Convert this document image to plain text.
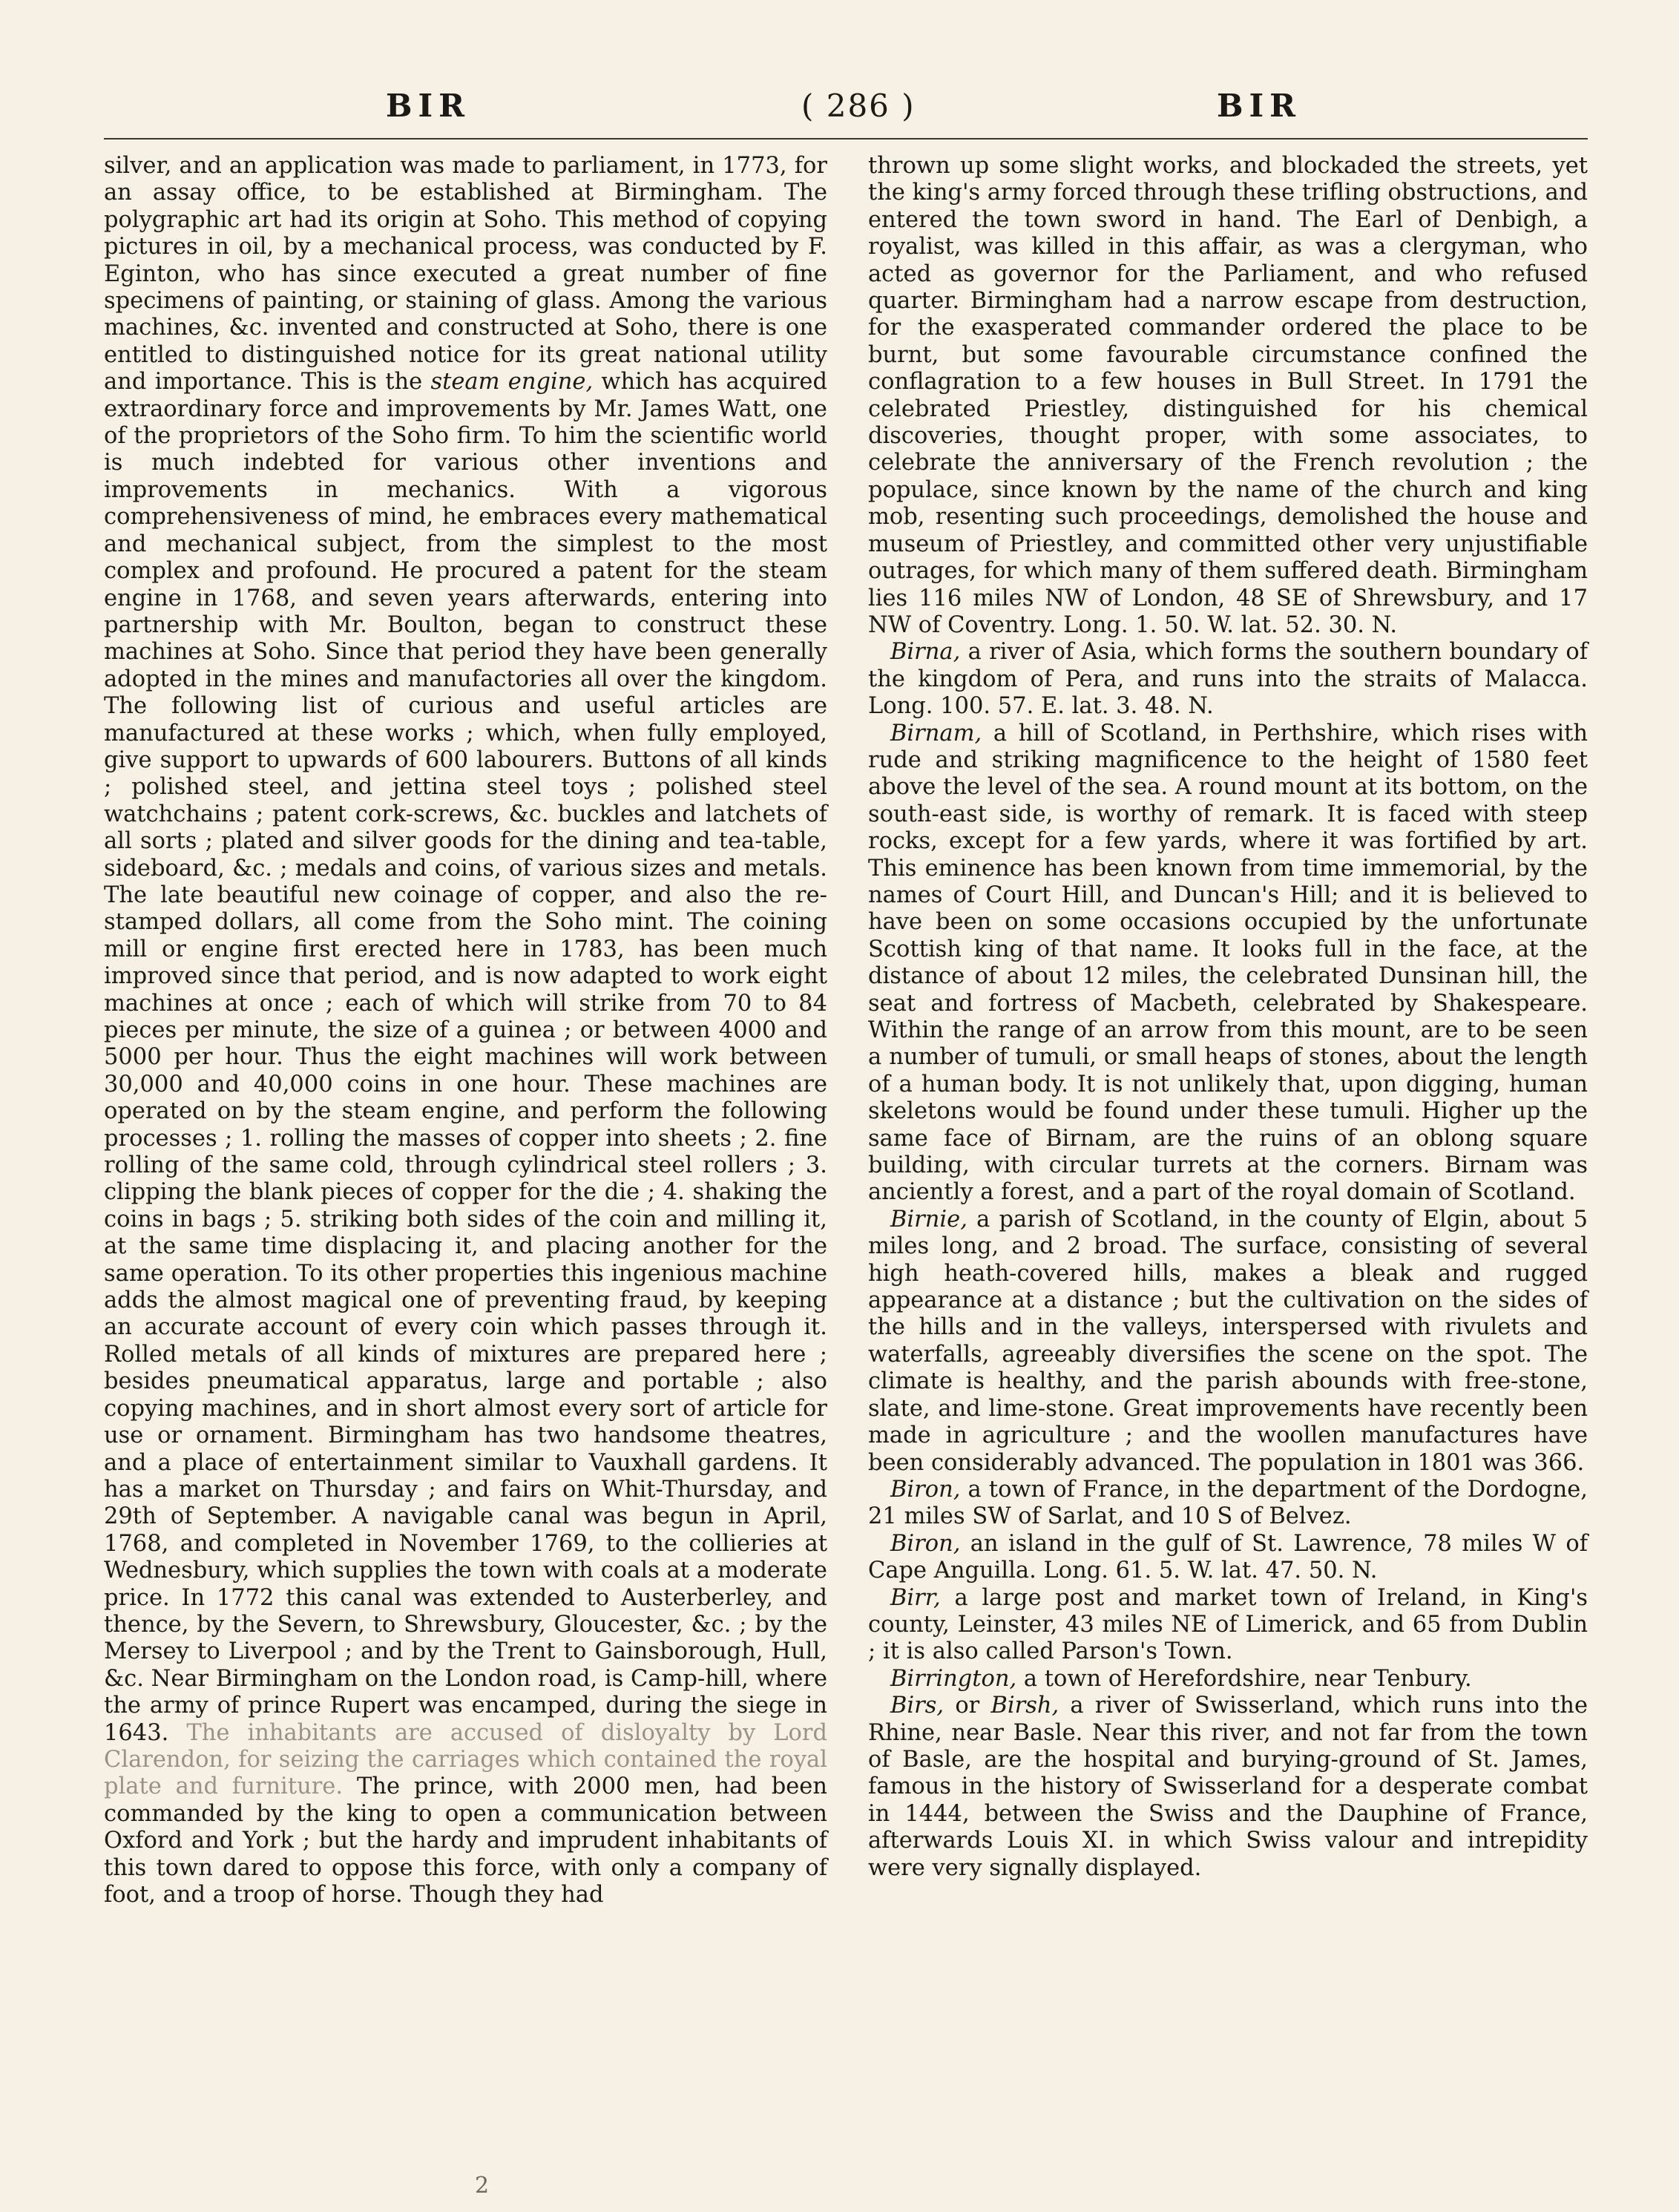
BIR	( 286 )	BIR

silver, and an application was made to parliament, in 1773, for an assay office, to be established at Birmingham. The polygraphic art had its origin at Soho. This method of copying pictures in oil, by a mechanical process, was conducted by F. Eginton, who has since executed a great number of fine specimens of painting, or staining of glass. Among the various machines, &c. invented and constructed at Soho, there is one entitled to distinguished notice for its great national utility and importance. This is the steam engine, which has acquired extraordinary force and improvements by Mr. James Watt, one of the proprietors of the Soho firm. To him the scientific world is much indebted for various other inventions and improvements in mechanics. With a vigorous comprehensiveness of mind, he embraces every mathematical and mechanical subject, from the simplest to the most complex and profound. He procured a patent for the steam engine in 1768, and seven years afterwards, entering into partnership with Mr. Boulton, began to construct these machines at Soho. Since that period they have been generally adopted in the mines and manufactories all over the kingdom. The following list of curious and useful articles are manufactured at these works ; which, when fully employed, give support to upwards of 600 labourers. Buttons of all kinds ; polished steel, and jettina steel toys ; polished steel watchchains ; patent cork-screws, &c. buckles and latchets of all sorts ; plated and silver goods for the dining and tea-table, sideboard, &c. ; medals and coins, of various sizes and metals. The late beautiful new coinage of copper, and also the re-stamped dollars, all come from the Soho mint. The coining mill or engine first erected here in 1783, has been much improved since that period, and is now adapted to work eight machines at once ; each of which will strike from 70 to 84 pieces per minute, the size of a guinea ; or between 4000 and 5000 per hour. Thus the eight machines will work between 30,000 and 40,000 coins in one hour. These machines are operated on by the steam engine, and perform the following processes ; 1. rolling the masses of copper into sheets ; 2. fine rolling of the same cold, through cylindrical steel rollers ; 3. clipping the blank pieces of copper for the die ; 4. shaking the coins in bags ; 5. striking both sides of the coin and milling it, at the same time displacing it, and placing another for the same operation. To its other properties this ingenious machine adds the almost magical one of preventing fraud, by keeping an accurate account of every coin which passes through it. Rolled metals of all kinds of mixtures are prepared here ; besides pneumatical apparatus, large and portable ; also copying machines, and in short almost every sort of article for use or ornament. Birmingham has two handsome theatres, and a place of entertainment similar to Vauxhall gardens. It has a market on Thursday ; and fairs on Whit-Thursday, and 29th of September. A navigable canal was begun in April, 1768, and completed in November 1769, to the collieries at Wednesbury, which supplies the town with coals at a moderate price. In 1772 this canal was extended to Austerberley, and thence, by the Severn, to Shrewsbury, Gloucester, &c. ; by the Mersey to Liverpool ; and by the Trent to Gainsborough, Hull, &c. Near Birmingham on the London road, is Camp-hill, where the army of prince Rupert was encamped, during the siege in 1643. The inhabitants are accused of disloyalty by Lord Clarendon, for seizing the carriages which contained the royal plate and furniture. The prince, with 2000 men, had been commanded by the king to open a communication between Oxford and York ; but the hardy and imprudent inhabitants of this town dared to oppose this force, with only a company of foot, and a troop of horse. Though they had

thrown up some slight works, and blockaded the streets, yet the king's army forced through these trifling obstructions, and entered the town sword in hand. The Earl of Denbigh, a royalist, was killed in this affair, as was a clergyman, who acted as governor for the Parliament, and who refused quarter. Birmingham had a narrow escape from destruction, for the exasperated commander ordered the place to be burnt, but some favourable circumstance confined the conflagration to a few houses in Bull Street. In 1791 the celebrated Priestley, distinguished for his chemical discoveries, thought proper, with some associates, to celebrate the anniversary of the French revolution ; the populace, since known by the name of the church and king mob, resenting such proceedings, demolished the house and museum of Priestley, and committed other very unjustifiable outrages, for which many of them suffered death. Birmingham lies 116 miles NW of London, 48 SE of Shrewsbury, and 17 NW of Coventry. Long. 1. 50. W. lat. 52. 30. N.

Birna, a river of Asia, which forms the southern boundary of the kingdom of Pera, and runs into the straits of Malacca. Long. 100. 57. E. lat. 3. 48. N.

Birnam, a hill of Scotland, in Perthshire, which rises with rude and striking magnificence to the height of 1580 feet above the level of the sea. A round mount at its bottom, on the south-east side, is worthy of remark. It is faced with steep rocks, except for a few yards, where it was fortified by art. This eminence has been known from time immemorial, by the names of Court Hill, and Duncan's Hill; and it is believed to have been on some occasions occupied by the unfortunate Scottish king of that name. It looks full in the face, at the distance of about 12 miles, the celebrated Dunsinan hill, the seat and fortress of Macbeth, celebrated by Shakespeare. Within the range of an arrow from this mount, are to be seen a number of tumuli, or small heaps of stones, about the length of a human body. It is not unlikely that, upon digging, human skeletons would be found under these tumuli. Higher up the same face of Birnam, are the ruins of an oblong square building, with circular turrets at the corners. Birnam was anciently a forest, and a part of the royal domain of Scotland.

Birnie, a parish of Scotland, in the county of Elgin, about 5 miles long, and 2 broad. The surface, consisting of several high heath-covered hills, makes a bleak and rugged appearance at a distance ; but the cultivation on the sides of the hills and in the valleys, interspersed with rivulets and waterfalls, agreeably diversifies the scene on the spot. The climate is healthy, and the parish abounds with free-stone, slate, and lime-stone. Great improvements have recently been made in agriculture ; and the woollen manufactures have been considerably advanced. The population in 1801 was 366.

Biron, a town of France, in the department of the Dordogne, 21 miles SW of Sarlat, and 10 S of Belvez.

Biron, an island in the gulf of St. Lawrence, 78 miles W of Cape Anguilla. Long. 61. 5. W. lat. 47. 50. N.

Birr, a large post and market town of Ireland, in King's county, Leinster, 43 miles NE of Limerick, and 65 from Dublin ; it is also called Parson's Town.

Birrington, a town of Herefordshire, near Tenbury.

Birs, or Birsh, a river of Swisserland, which runs into the Rhine, near Basle. Near this river, and not far from the town of Basle, are the hospital and burying-ground of St. James, famous in the history of Swisserland for a desperate combat in 1444, between the Swiss and the Dauphine of France, afterwards Louis XI. in which Swiss valour and intrepidity were very signally displayed.

2
